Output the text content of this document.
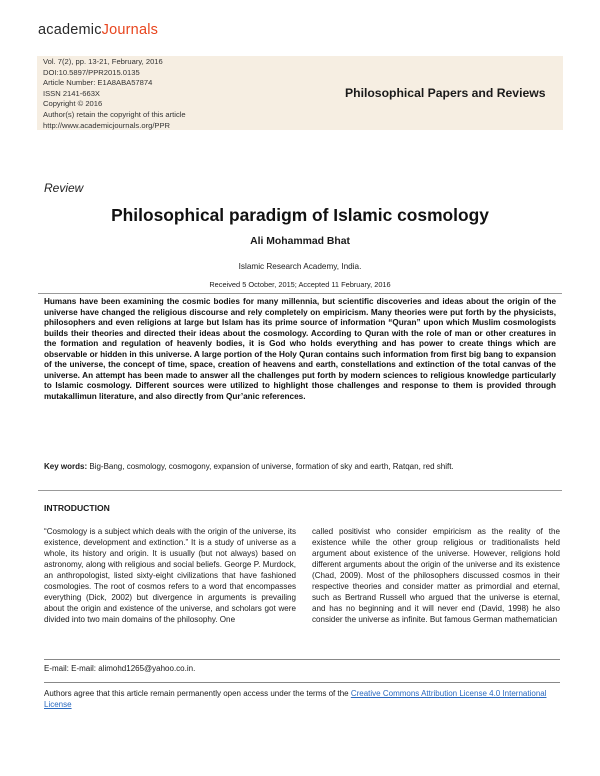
academicJournals
Vol. 7(2), pp. 13-21, February, 2016
DOI:10.5897/PPR2015.0135
Article Number: E1A8ABA57874
ISSN 2141-663X
Copyright © 2016
Author(s) retain the copyright of this article
http://www.academicjournals.org/PPR
Philosophical Papers and Reviews
Review
Philosophical paradigm of Islamic cosmology
Ali Mohammad Bhat
Islamic Research Academy, India.
Received 5 October, 2015; Accepted 11 February, 2016
Humans have been examining the cosmic bodies for many millennia, but scientific discoveries and ideas about the origin of the universe have changed the religious discourse and rely completely on empiricism. Many theories were put forth by the physicists, philosophers and even religions at large but Islam has its prime source of information “Quran” upon which Muslim cosmologists builds their theories and directed their ideas about the cosmology. According to Quran with the role of man or other creatures in the formation and regulation of heavenly bodies, it is God who holds everything and has power to create things which are observable or hidden in this universe. A large portion of the Holy Quran contains such information from first big bang to expansion of the universe, the concept of time, space, creation of heavens and earth, constellations and extinction of the total canvas of the universe. An attempt has been made to answer all the challenges put forth by modern sciences to religious knowledge particularly to Islamic cosmology. Different sources were utilized to highlight those challenges and response to them is provided through mutakallimun literature, and also directly from Qur’anic references.
Key words: Big-Bang, cosmology, cosmogony, expansion of universe, formation of sky and earth, Ratqan, red shift.
INTRODUCTION
“Cosmology is a subject which deals with the origin of the universe, its existence, development and extinction.” It is a study of universe as a whole, its history and origin. It is usually (but not always) based on astronomy, along with religious and social beliefs. George P. Murdock, an anthropologist, listed sixty-eight civilizations that have fashioned cosmologies. The root of cosmos refers to a word that encompasses everything (Dick, 2002) but divergence in arguments is prevailing about the origin and existence of the universe, and scholars got were divided into two main domains of the philosophy. One
called positivist who consider empiricism as the reality of the existence while the other group religious or traditionalists held argument about existence of the universe. However, religions hold different arguments about the origin of the universe and its existence (Chad, 2009). Most of the philosophers discussed cosmos in their respective theories and consider matter as primordial and eternal, such as Bertrand Russell who argued that the universe is eternal, and has no beginning and it will never end (David, 1998) he also consider the universe as infinite. But famous German mathematician
E-mail: E-mail: alimohd1265@yahoo.co.in.
Authors agree that this article remain permanently open access under the terms of the Creative Commons Attribution License 4.0 International License
